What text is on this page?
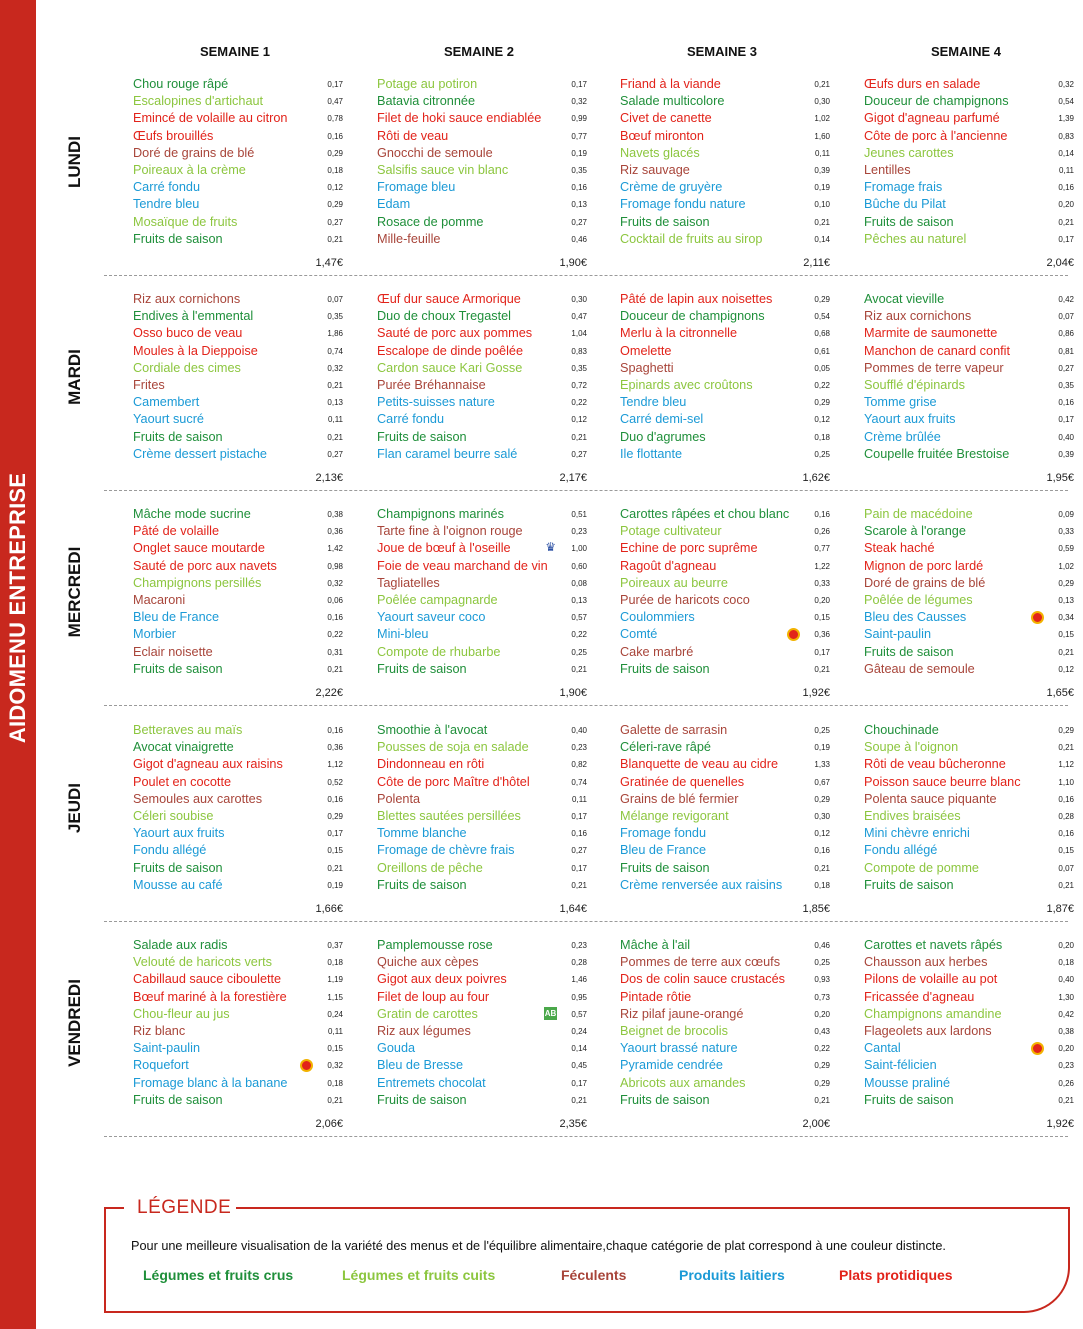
AIDOMENU ENTREPRISE
SEMAINE 1	SEMAINE 2	SEMAINE 3	SEMAINE 4
LUNDI
Chou rouge râpé	0,17
Escalopines d'artichaut	0,47
Emincé de volaille au citron	0,78
Œufs brouillés	0,16
Doré de grains de blé	0,29
Poireaux à la crème	0,18
Carré fondu	0,12
Tendre bleu	0,29
Mosaïque de fruits	0,27
Fruits de saison	0,21
1,47€
Potage au potiron	0,17
Batavia citronnée	0,32
Filet de hoki sauce endiablée	0,99
Rôti de veau	0,77
Gnocchi de semoule	0,19
Salsifis sauce vin blanc	0,35
Fromage bleu	0,16
Edam	0,13
Rosace de pomme	0,27
Mille-feuille	0,46
1,90€
Friand à la viande	0,21
Salade multicolore	0,30
Civet de canette	1,02
Bœuf mironton	1,60
Navets glacés	0,11
Riz sauvage	0,39
Crème de gruyère	0,19
Fromage fondu nature	0,10
Fruits de saison	0,21
Cocktail de fruits au sirop	0,14
2,11€
Œufs durs en salade	0,32
Douceur de champignons	0,54
Gigot d'agneau parfumé	1,39
Côte de porc à l'ancienne	0,83
Jeunes carottes	0,14
Lentilles	0,11
Fromage frais	0,16
Bûche du Pilat	0,20
Fruits de saison	0,21
Pêches au naturel	0,17
2,04€
MARDI
Riz aux cornichons	0,07
Endives à l'emmental	0,35
Osso buco de veau	1,86
Moules à la Dieppoise	0,74
Cordiale des cimes	0,32
Frites	0,21
Camembert	0,13
Yaourt sucré	0,11
Fruits de saison	0,21
Crème dessert pistache	0,27
2,13€
Œuf dur sauce Armorique	0,30
Duo de choux Tregastel	0,47
Sauté de porc aux pommes	1,04
Escalope de dinde poêlée	0,83
Cardon sauce Kari Gosse	0,35
Purée Bréhannaise	0,72
Petits-suisses nature	0,22
Carré fondu	0,12
Fruits de saison	0,21
Flan caramel beurre salé	0,27
2,17€
Pâté de lapin aux noisettes	0,29
Douceur de champignons	0,54
Merlu à la citronnelle	0,68
Omelette	0,61
Spaghetti	0,05
Epinards avec croûtons	0,22
Tendre bleu	0,29
Carré demi-sel	0,12
Duo d'agrumes	0,18
Ile flottante	0,25
1,62€
Avocat vieville	0,42
Riz aux cornichons	0,07
Marmite de saumonette	0,86
Manchon de canard confit	0,81
Pommes de terre vapeur	0,27
Soufflé d'épinards	0,35
Tomme grise	0,16
Yaourt aux fruits	0,17
Crème brûlée	0,40
Coupelle fruitée Brestoise	0,39
1,95€
MERCREDI
Mâche mode sucrine	0,38
Pâté de volaille	0,36
Onglet sauce moutarde	1,42
Sauté de porc aux navets	0,98
Champignons persillés	0,32
Macaroni	0,06
Bleu de France	0,16
Morbier	0,22
Eclair noisette	0,31
Fruits de saison	0,21
2,22€
Champignons marinés	0,51
Tarte fine à l'oignon rouge	0,23
Joue de bœuf à l'oseille	♛ 1,00
Foie de veau marchand de vin	0,60
Tagliatelles	0,08
Poêlée campagnarde	0,13
Yaourt saveur coco	0,57
Mini-bleu	0,22
Compote de rhubarbe	0,25
Fruits de saison	0,21
1,90€
Carottes râpées et chou blanc	0,16
Potage cultivateur	0,26
Echine de porc suprême	0,77
Ragoût d'agneau	1,22
Poireaux au beurre	0,33
Purée de haricots coco	0,20
Coulommiers	0,15
Comté	0,36
Cake marbré	0,17
Fruits de saison	0,21
1,92€
Pain de macédoine	0,09
Scarole à l'orange	0,33
Steak haché	0,59
Mignon de porc lardé	1,02
Doré de grains de blé	0,29
Poêlée de légumes	0,13
Bleu des Causses	0,34
Saint-paulin	0,15
Fruits de saison	0,21
Gâteau de semoule	0,12
1,65€
JEUDI
Betteraves au maïs	0,16
Avocat vinaigrette	0,36
Gigot d'agneau aux raisins	1,12
Poulet en cocotte	0,52
Semoules aux carottes	0,16
Céleri soubise	0,29
Yaourt aux fruits	0,17
Fondu allégé	0,15
Fruits de saison	0,21
Mousse au café	0,19
1,66€
Smoothie à l'avocat	0,40
Pousses de soja en salade	0,23
Dindonneau en rôti	0,82
Côte de porc Maître d'hôtel	0,74
Polenta	0,11
Blettes sautées persillées	0,17
Tomme blanche	0,16
Fromage de chèvre frais	0,27
Oreillons de pêche	0,17
Fruits de saison	0,21
1,64€
Galette de sarrasin	0,25
Céleri-rave râpé	0,19
Blanquette de veau au cidre	1,33
Gratinée de quenelles	0,67
Grains de blé fermier	0,29
Mélange revigorant	0,30
Fromage fondu	0,12
Bleu de France	0,16
Fruits de saison	0,21
Crème renversée aux raisins	0,18
1,85€
Chouchinade	0,29
Soupe à l'oignon	0,21
Rôti de veau bûcheronne	1,12
Poisson sauce beurre blanc	1,10
Polenta sauce piquante	0,16
Endives braisées	0,28
Mini chèvre enrichi	0,16
Fondu allégé	0,15
Compote de pomme	0,07
Fruits de saison	0,21
1,87€
VENDREDI
Salade aux radis	0,37
Velouté de haricots verts	0,18
Cabillaud sauce ciboulette	1,19
Bœuf mariné à la forestière	1,15
Chou-fleur au jus	0,24
Riz blanc	0,11
Saint-paulin	0,15
Roquefort	0,32
Fromage blanc à la banane	0,18
Fruits de saison	0,21
2,06€
Pamplemousse rose	0,23
Quiche aux cèpes	0,28
Gigot aux deux poivres	1,46
Filet de loup au four	0,95
Gratin de carottes	AB 0,57
Riz aux légumes	0,24
Gouda	0,14
Bleu de Bresse	0,45
Entremets chocolat	0,17
Fruits de saison	0,21
2,35€
Mâche à l'ail	0,46
Pommes de terre aux cœufs	0,25
Dos de colin sauce crustacés	0,93
Pintade rôtie	0,73
Riz pilaf jaune-orangé	0,20
Beignet de brocolis	0,43
Yaourt brassé nature	0,22
Pyramide cendrée	0,29
Abricots aux amandes	0,29
Fruits de saison	0,21
2,00€
Carottes et navets râpés	0,20
Chausson aux herbes	0,18
Pilons de volaille au pot	0,40
Fricassée d'agneau	1,30
Champignons amandine	0,42
Flageolets aux lardons	0,38
Cantal	0,20
Saint-félicien	0,23
Mousse praliné	0,26
Fruits de saison	0,21
1,92€
LÉGENDE
Pour une meilleure visualisation de la variété des menus et de l'équilibre alimentaire,chaque catégorie de plat correspond à une couleur distincte.
Légumes et fruits crus	Légumes et fruits cuits	Féculents	Produits laitiers	Plats protidiques
